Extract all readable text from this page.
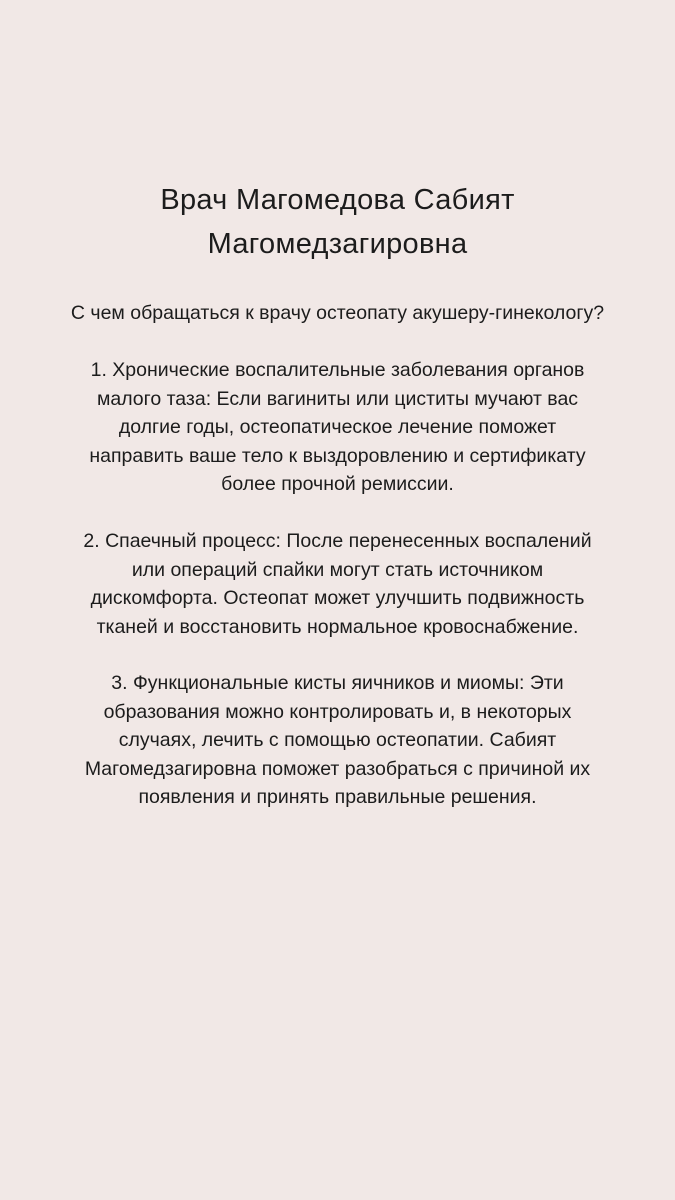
Врач Магомедова Сабият
Магомедзагировна

С чем обращаться к врачу остеопату акушеру-гинекологу?

1. Хронические воспалительные заболевания органов
малого таза: Если вагиниты или циститы мучают вас
долгие годы, остеопатическое лечение поможет
направить ваше тело к выздоровлению и сертификату
более прочной ремиссии.

2. Спаечный процесс: После перенесенных воспалений
или операций спайки могут стать источником
дискомфорта. Остеопат может улучшить подвижность
тканей и восстановить нормальное кровоснабжение.

3. Функциональные кисты яичников и миомы: Эти
образования можно контролировать и, в некоторых
случаях, лечить с помощью остеопатии. Сабият
Магомедзагировна поможет разобраться с причиной их
появления и принять правильные решения.
